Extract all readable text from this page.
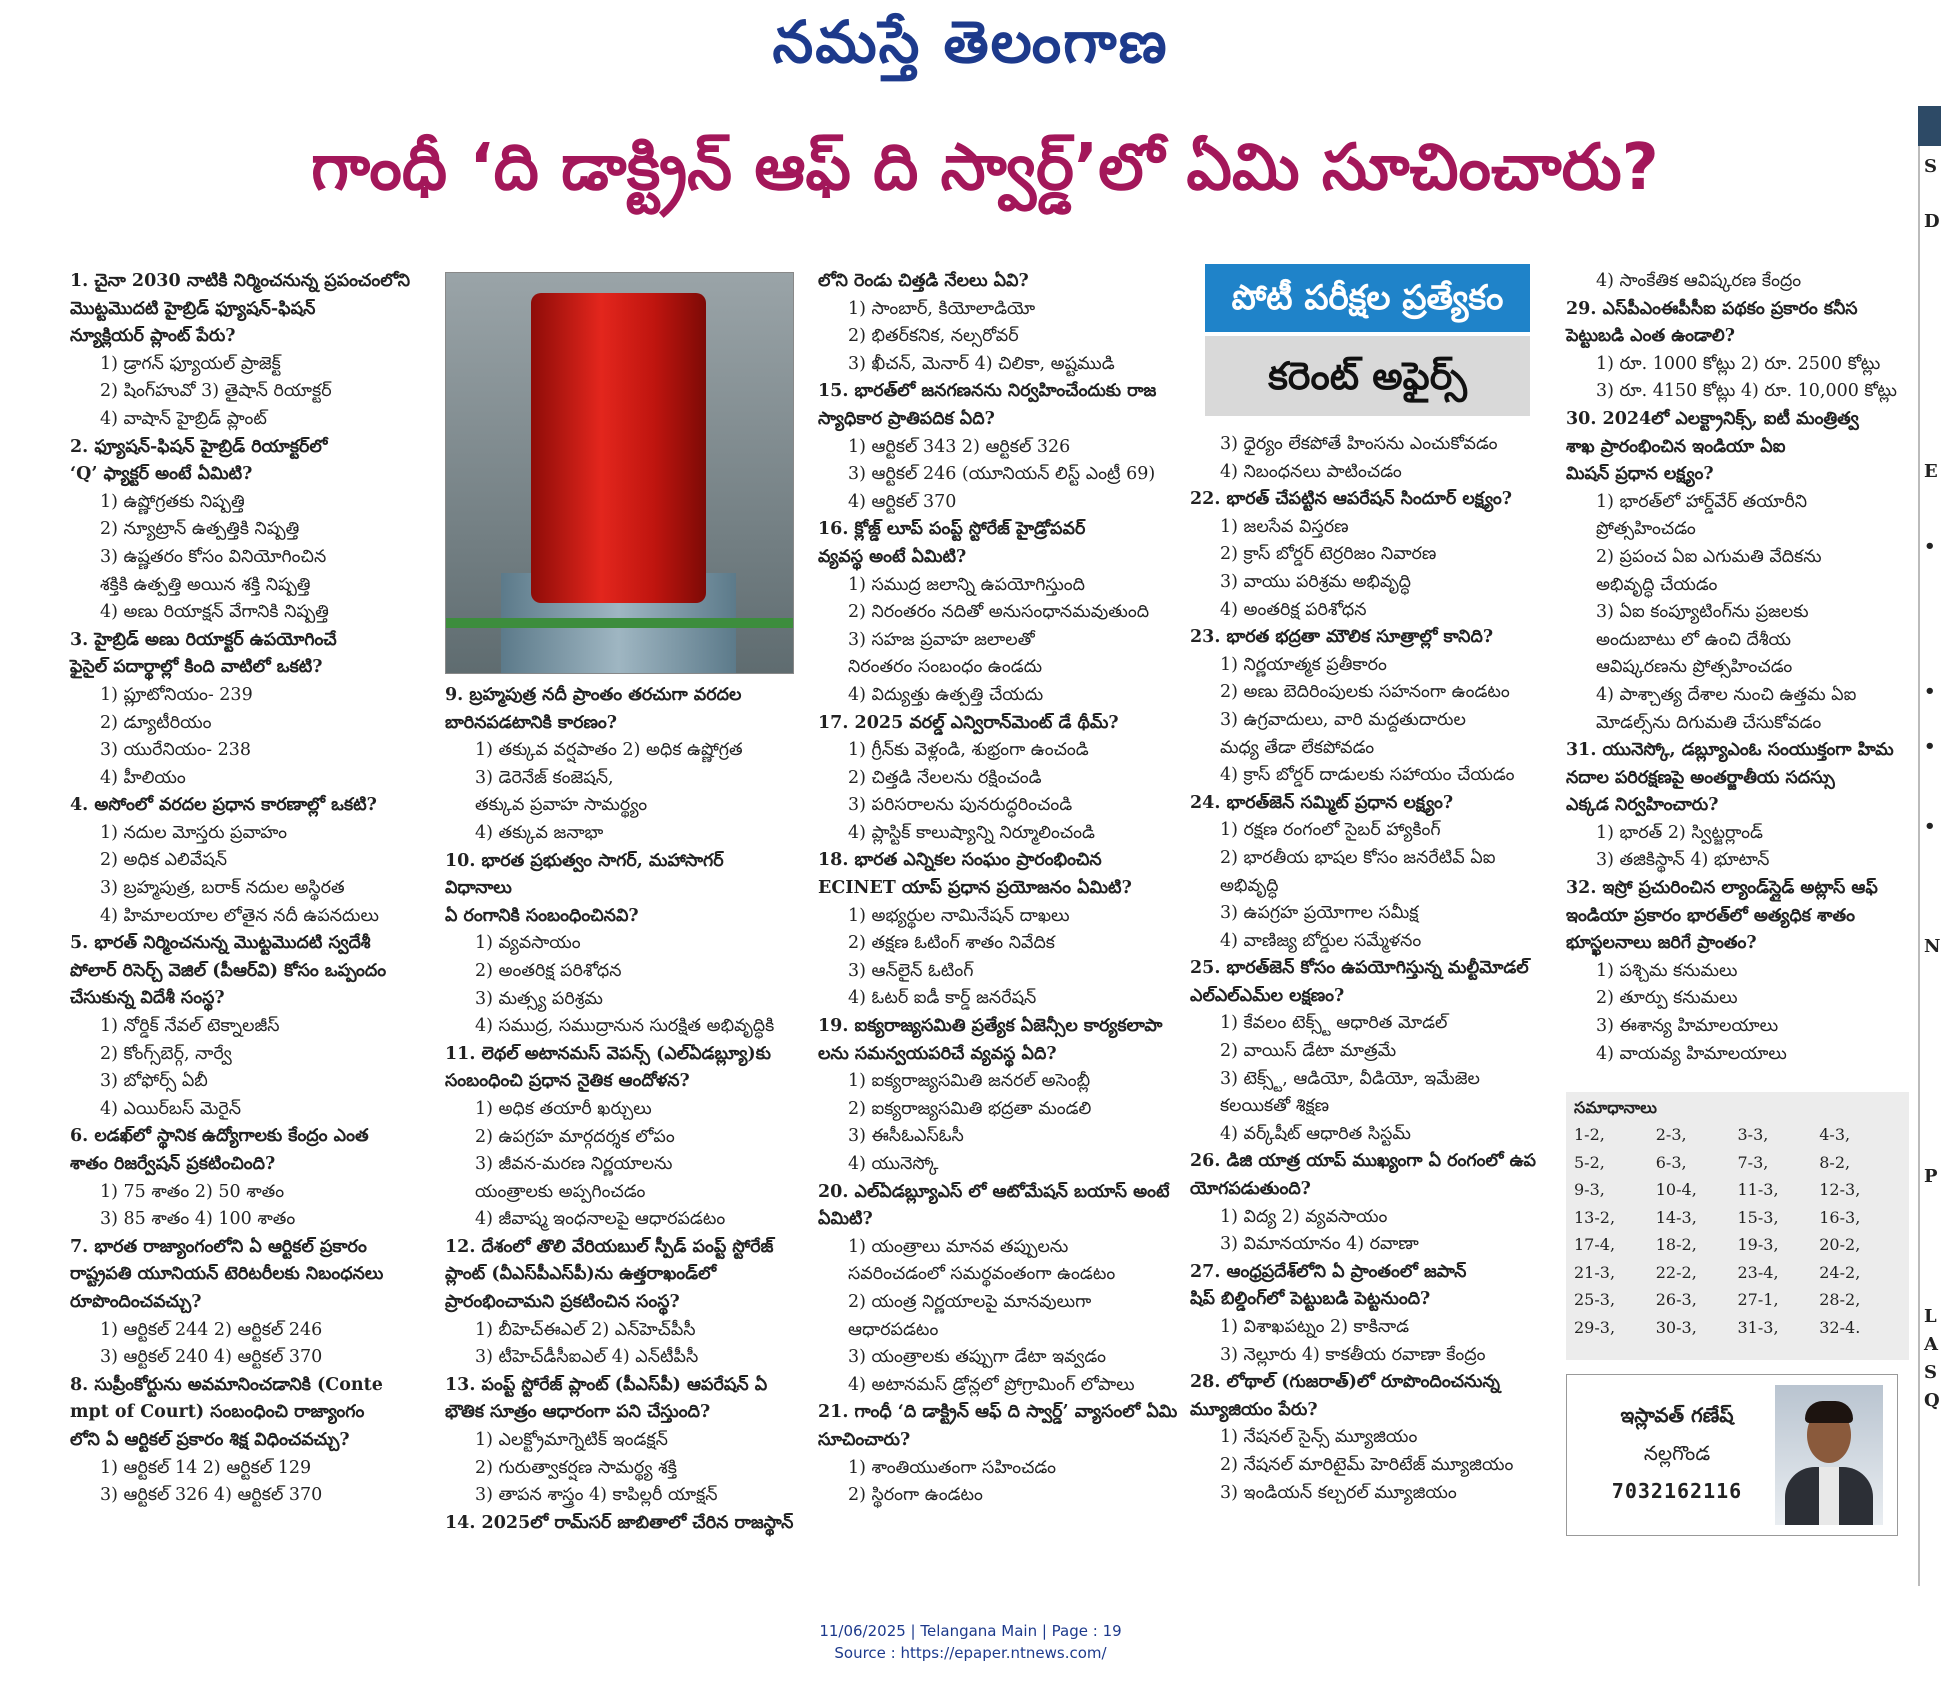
నమస్తే తెలంగాణ
గాంధీ ‘ది డాక్ట్రిన్ ఆఫ్ ది స్వార్డ్’లో ఏమి సూచించారు?

1. చైనా 2030 నాటికి నిర్మించనున్న ప్రపంచంలోని

మొట్టమొదటి హైబ్రిడ్ ఫ్యూషన్-ఫిషన్

న్యూక్లియర్ ప్లాంట్ పేరు?

1) డ్రాగన్ ఫ్యూయల్ ప్రాజెక్ట్

2) షింగ్‌హువో 3) తైషాన్ రియాక్టర్

4) వాషాన్ హైబ్రిడ్ ప్లాంట్

2. ఫ్యూషన్-ఫిషన్ హైబ్రిడ్ రియాక్టర్‌లో

‘Q’ ఫ్యాక్టర్ అంటే ఏమిటి?

1) ఉష్ణోగ్రతకు నిష్పత్తి

2) న్యూట్రాన్ ఉత్పత్తికి నిష్పత్తి

3) ఉష్ణతరం కోసం వినియోగించిన

శక్తికి ఉత్పత్తి అయిన శక్తి నిష్పత్తి

4) అణు రియాక్షన్ వేగానికి నిష్పత్తి

3. హైబ్రిడ్ అణు రియాక్టర్ ఉపయోగించే

ఫైసైల్ పదార్థాల్లో కింది వాటిలో ఒకటి?

1) ప్లూటోనియం- 239

2) డ్యూటీరియం

3) యురేనియం- 238

4) హీలియం

4. అసోంలో వరదల ప్రధాన కారణాల్లో ఒకటి?

1) నదుల మోస్తరు ప్రవాహం

2) అధిక ఎలివేషన్

3) బ్రహ్మపుత్ర, బరాక్ నదుల అస్థిరత

4) హిమాలయాల లోతైన నదీ ఉపనదులు

5. భారత్ నిర్మించనున్న మొట్టమొదటి స్వదేశీ

పోలార్ రిసెర్చ్ వెజిల్ (పీఆర్‌వి) కోసం ఒప్పందం

చేసుకున్న విదేశీ సంస్థ?

1) నోర్డిక్ నేవల్ టెక్నాలజీస్

2) కోంగ్స్‌బెర్గ్, నార్వే

3) బోఫోర్స్ ఏబీ

4) ఎయిర్‌బస్ మెరైన్

6. లడఖ్‌లో స్థానిక ఉద్యోగాలకు కేంద్రం ఎంత

శాతం రిజర్వేషన్ ప్రకటించింది?

1) 75 శాతం 2) 50 శాతం

3) 85 శాతం 4) 100 శాతం

7. భారత రాజ్యాంగంలోని ఏ ఆర్టికల్ ప్రకారం

రాష్ట్రపతి యూనియన్ టెరిటరీలకు నిబంధనలు

రూపొందించవచ్చు?

1) ఆర్టికల్ 244 2) ఆర్టికల్ 246

3) ఆర్టికల్ 240 4) ఆర్టికల్ 370

8. సుప్రీంకోర్టును అవమానించడానికి (Conte

mpt of Court) సంబంధించి రాజ్యాంగం

లోని ఏ ఆర్టికల్ ప్రకారం శిక్ష విధించవచ్చు?

1) ఆర్టికల్ 14 2) ఆర్టికల్ 129

3) ఆర్టికల్ 326 4) ఆర్టికల్ 370

9. బ్రహ్మపుత్ర నదీ ప్రాంతం తరచుగా వరదల

బారినపడటానికి కారణం?

1) తక్కువ వర్షపాతం 2) అధిక ఉష్ణోగ్రత

3) డెరెనేజ్ కంజెషన్,

తక్కువ ప్రవాహ సామర్థ్యం

4) తక్కువ జనాభా

10. భారత ప్రభుత్వం సాగర్, మహాసాగర్ విధానాలు

ఏ రంగానికి సంబంధించినవి?

1) వ్యవసాయం

2) అంతరిక్ష పరిశోధన

3) మత్స్య పరిశ్రమ

4) సముద్ర, సముద్రానున సురక్షిత అభివృద్ధికి

11. లెథల్ అటానమస్ వెపన్స్ (ఎల్‌ఏడబ్ల్యూ)కు

సంబంధించి ప్రధాన నైతిక ఆందోళన?

1) అధిక తయారీ ఖర్చులు

2) ఉపగ్రహ మార్గదర్శక లోపం

3) జీవన-మరణ నిర్ణయాలను

యంత్రాలకు అప్పగించడం

4) జీవాష్మ ఇంధనాలపై ఆధారపడటం

12. దేశంలో తొలి వేరియబుల్ స్పీడ్ పంప్ట్ స్టోరేజ్

ప్లాంట్ (వీఎస్‌పీఎస్‌పీ)ను ఉత్తరాఖండ్‌లో

ప్రారంభించామని ప్రకటించిన సంస్థ?

1) బీహెచ్ఈఎల్ 2) ఎన్‌హెచ్‌పీసీ

3) టీహెచ్‌డీసీఐఎల్ 4) ఎన్‌టీపీసీ

13. పంప్ట్ స్టోరేజ్ ప్లాంట్ (పీఎస్‌పీ) ఆపరేషన్ ఏ

భౌతిక సూత్రం ఆధారంగా పని చేస్తుంది?

1) ఎలక్ట్రోమాగ్నెటిక్ ఇండక్షన్

2) గురుత్వాకర్షణ సామర్థ్య శక్తి

3) తాపన శాస్త్రం 4) కాపిల్లరీ యాక్షన్

14. 2025లో రామ్‌సర్ జాబితాలో చేరిన రాజస్థాన్

లోని రెండు చిత్తడి నేలలు ఏవి?

1) సాంబార్, కియోలాడియో

2) భితర్‌కనిక, నల్సరోవర్

3) ఖీచన్, మెనార్ 4) చిలికా, అష్టముడి

15. భారత్‌లో జనగణనను నిర్వహించేందుకు రాజ

స్యాధికార ప్రాతిపదిక ఏది?

1) ఆర్టికల్ 343 2) ఆర్టికల్ 326

3) ఆర్టికల్ 246 (యూనియన్ లిస్ట్ ఎంట్రీ 69)

4) ఆర్టికల్ 370

16. క్లోజ్డ్ లూప్ పంప్ట్ స్టోరేజ్ హైడ్రోపవర్

వ్యవస్థ అంటే ఏమిటి?

1) సముద్ర జలాన్ని ఉపయోగిస్తుంది

2) నిరంతరం నదితో అనుసంధానమవుతుంది

3) సహజ ప్రవాహ జలాలతో

నిరంతరం సంబంధం ఉండదు

4) విద్యుత్తు ఉత్పత్తి చేయదు

17. 2025 వరల్డ్ ఎన్విరాన్‌మెంట్ డే థీమ్?

1) గ్రీన్‌కు వెళ్లండి, శుభ్రంగా ఉంచండి

2) చిత్తడి నేలలను రక్షించండి

3) పరిసరాలను పునరుద్ధరించండి

4) ప్లాస్టిక్ కాలుష్యాన్ని నిర్మూలించండి

18. భారత ఎన్నికల సంఘం ప్రారంభించిన

ECINET యాప్ ప్రధాన ప్రయోజనం ఏమిటి?

1) అభ్యర్థుల నామినేషన్ దాఖలు

2) తక్షణ ఓటింగ్ శాతం నివేదిక

3) ఆన్‌లైన్ ఓటింగ్

4) ఓటర్ ఐడీ కార్డ్ జనరేషన్

19. ఐక్యరాజ్యసమితి ప్రత్యేక ఏజెన్సీల కార్యకలాపా

లను సమన్వయపరిచే వ్యవస్థ ఏది?

1) ఐక్యరాజ్యసమితి జనరల్ అసెంబ్లీ

2) ఐక్యరాజ్యసమితి భద్రతా మండలి

3) ఈసీఓఎస్‌ఓసీ

4) యునెస్కో

20. ఎల్‌ఏడబ్ల్యూఎస్ లో ఆటోమేషన్ బయాస్ అంటే

ఏమిటి?

1) యంత్రాలు మానవ తప్పులను

సవరించడంలో సమర్థవంతంగా ఉండటం

2) యంత్ర నిర్ణయాలపై మానవులుగా

ఆధారపడటం

3) యంత్రాలకు తప్పుగా డేటా ఇవ్వడం

4) అటానమస్ డ్రోన్లలో ప్రోగ్రామింగ్ లోపాలు

21. గాంధీ ‘ది డాక్ట్రిన్ ఆఫ్ ది స్వార్డ్’ వ్యాసంలో ఏమి

సూచించారు?

1) శాంతియుతంగా సహించడం

2) స్థిరంగా ఉండటం

పోటీ పరీక్షల ప్రత్యేకం
కరెంట్ అఫైర్స్

3) ధైర్యం లేకపోతే హింసను ఎంచుకోవడం

4) నిబంధనలు పాటించడం

22. భారత్ చేపట్టిన ఆపరేషన్ సిందూర్ లక్ష్యం?

1) జలసేవ విస్తరణ

2) క్రాస్ బోర్డర్ టెర్రరిజం నివారణ

3) వాయు పరిశ్రమ అభివృద్ధి

4) అంతరిక్ష పరిశోధన

23. భారత భద్రతా మౌలిక సూత్రాల్లో కానిది?

1) నిర్ణయాత్మక ప్రతీకారం

2) అణు బెదిరింపులకు సహనంగా ఉండటం

3) ఉగ్రవాదులు, వారి మద్దతుదారుల

మధ్య తేడా లేకపోవడం

4) క్రాస్ బోర్డర్ దాడులకు సహాయం చేయడం

24. భారత్‌జెన్ సమ్మిట్ ప్రధాన లక్ష్యం?

1) రక్షణ రంగంలో సైబర్ హ్యాకింగ్

2) భారతీయ భాషల కోసం జనరేటివ్ ఏఐ

అభివృద్ధి

3) ఉపగ్రహ ప్రయోగాల సమీక్ష

4) వాణిజ్య బోర్డుల సమ్మేళనం

25. భారత్‌జెన్ కోసం ఉపయోగిస్తున్న మల్టీమోడల్

ఎల్‌ఎల్‌ఎమ్‌ల లక్షణం?

1) కేవలం టెక్స్ట్ ఆధారిత మోడల్

2) వాయిస్ డేటా మాత్రమే

3) టెక్స్ట్, ఆడియో, వీడియో, ఇమేజెల

కలయికతో శిక్షణ

4) వర్క్‌షీట్ ఆధారిత సిస్టమ్

26. డిజి యాత్ర యాప్ ముఖ్యంగా ఏ రంగంలో ఉప

యోగపడుతుంది?

1) విద్య 2) వ్యవసాయం

3) విమానయానం 4) రవాణా

27. ఆంధ్రప్రదేశ్‌లోని ఏ ప్రాంతంలో జపాన్

షిప్ బిల్డింగ్‌లో పెట్టుబడి పెట్టనుంది?

1) విశాఖపట్నం 2) కాకినాడ

3) నెల్లూరు 4) కాకతీయ రవాణా కేంద్రం

28. లోథాల్ (గుజరాత్)లో రూపొందించనున్న

మ్యూజియం పేరు?

1) నేషనల్ సైన్స్ మ్యూజియం

2) నేషనల్ మారిటైమ్ హెరిటేజ్ మ్యూజియం

3) ఇండియన్ కల్చరల్ మ్యూజియం

4) సాంకేతిక ఆవిష్కరణ కేంద్రం

29. ఎస్‌పీఎంఈపీసీఐ పథకం ప్రకారం కనీస

పెట్టుబడి ఎంత ఉండాలి?

1) రూ. 1000 కోట్లు 2) రూ. 2500 కోట్లు

3) రూ. 4150 కోట్లు 4) రూ. 10,000 కోట్లు

30. 2024లో ఎలక్ట్రానిక్స్, ఐటీ మంత్రిత్వ

శాఖ ప్రారంభించిన ఇండియా ఏఐ

మిషన్ ప్రధాన లక్ష్యం?

1) భారత్‌లో హార్డ్‌వేర్ తయారీని

ప్రోత్సహించడం

2) ప్రపంచ ఏఐ ఎగుమతి వేదికను

అభివృద్ధి చేయడం

3) ఏఐ కంప్యూటింగ్‌ను ప్రజలకు

అందుబాటు లో ఉంచి దేశీయ

ఆవిష్కరణను ప్రోత్సహించడం

4) పాశ్చాత్య దేశాల నుంచి ఉత్తమ ఏఐ

మోడల్స్‌ను దిగుమతి చేసుకోవడం

31. యునెస్కో, డబ్ల్యూఎంఓ సంయుక్తంగా హిమ

నదాల పరిరక్షణపై అంతర్జాతీయ సదస్సు

ఎక్కడ నిర్వహించారు?

1) భారత్ 2) స్విట్జర్లాండ్

3) తజికిస్థాన్ 4) భూటాన్

32. ఇస్రో ప్రచురించిన ల్యాండ్‌స్లైడ్ అట్లాస్ ఆఫ్

ఇండియా ప్రకారం భారత్‌లో అత్యధిక శాతం

భూస్ఖలనాలు జరిగే ప్రాంతం?

1) పశ్చిమ కనుమలు

2) తూర్పు కనుమలు

3) ఈశాన్య హిమాలయాలు

4) వాయవ్య హిమాలయాలు

సమాధానాలు
1-2,	2-3,	3-3,	4-3,
5-2,	6-3,	7-3,	8-2,
9-3,	10-4,	11-3,	12-3,
13-2,	14-3,	15-3,	16-3,
17-4,	18-2,	19-3,	20-2,
21-3,	22-2,	23-4,	24-2,
25-3,	26-3,	27-1,	28-2,
29-3,	30-3,	31-3,	32-4.
ఇస్లావత్ గణేష్
నల్లగొండ
7032162116
S
D
E
•
•
•
•
N
P
L
A
S
Q
11/06/2025 | Telangana Main | Page : 19
Source : https://epaper.ntnews.com/
